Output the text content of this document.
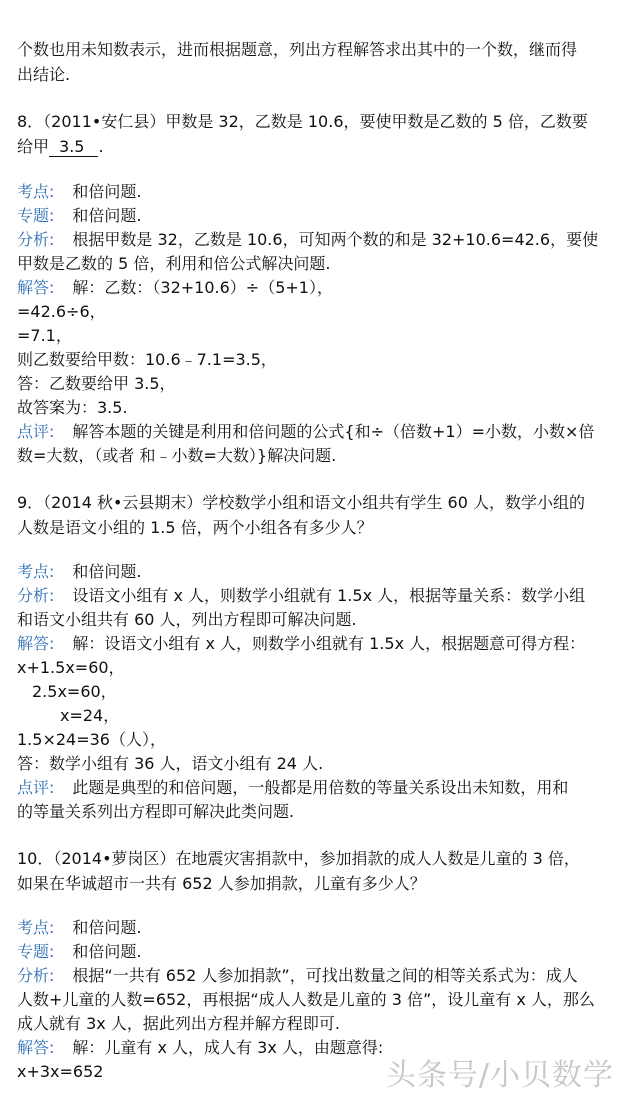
个数也用未知数表示，进而根据题意，列出方程解答求出其中的一个数，继而得
出结论.
8．（2011•安仁县）甲数是 32，乙数是 10.6，要使甲数是乙数的 5 倍，乙数要
给甲 3.5 .
考点: 和倍问题.
专题: 和倍问题.
分析: 根据甲数是 32，乙数是 10.6，可知两个数的和是 32+10.6=42.6，要使
甲数是乙数的 5 倍，利用和倍公式解决问题.
解答: 解：乙数：（32+10.6）÷（5+1），
=42.6÷6，
=7.1，
则乙数要给甲数：10.6﹣7.1=3.5，
答：乙数要给甲 3.5，
故答案为：3.5.
点评: 解答本题的关键是利用和倍问题的公式{和÷（倍数+1）=小数，小数×倍
数=大数，（或者 和﹣小数=大数）}解决问题.
9．（2014 秋•云县期末）学校数学小组和语文小组共有学生 60 人，数学小组的
人数是语文小组的 1.5 倍，两个小组各有多少人？
考点: 和倍问题.
分析: 设语文小组有 x 人，则数学小组就有 1.5x 人，根据等量关系：数学小组
和语文小组共有 60 人，列出方程即可解决问题.
解答: 解：设语文小组有 x 人，则数学小组就有 1.5x 人，根据题意可得方程：
x+1.5x=60，
2.5x=60，
x=24，
1.5×24=36（人），
答：数学小组有 36 人，语文小组有 24 人.
点评: 此题是典型的和倍问题，一般都是用倍数的等量关系设出未知数，用和
的等量关系列出方程即可解决此类问题.
10．（2014•萝岗区）在地震灾害捐款中，参加捐款的成人人数是儿童的 3 倍，
如果在华诚超市一共有 652 人参加捐款，儿童有多少人？
考点: 和倍问题.
专题: 和倍问题.
分析: 根据“一共有 652 人参加捐款”，可找出数量之间的相等关系式为：成人
人数+儿童的人数=652，再根据“成人人数是儿童的 3 倍”，设儿童有 x 人，那么
成人就有 3x 人，据此列出方程并解方程即可.
解答: 解：儿童有 x 人，成人有 3x 人，由题意得:
x+3x=652	头条号/小贝数学
